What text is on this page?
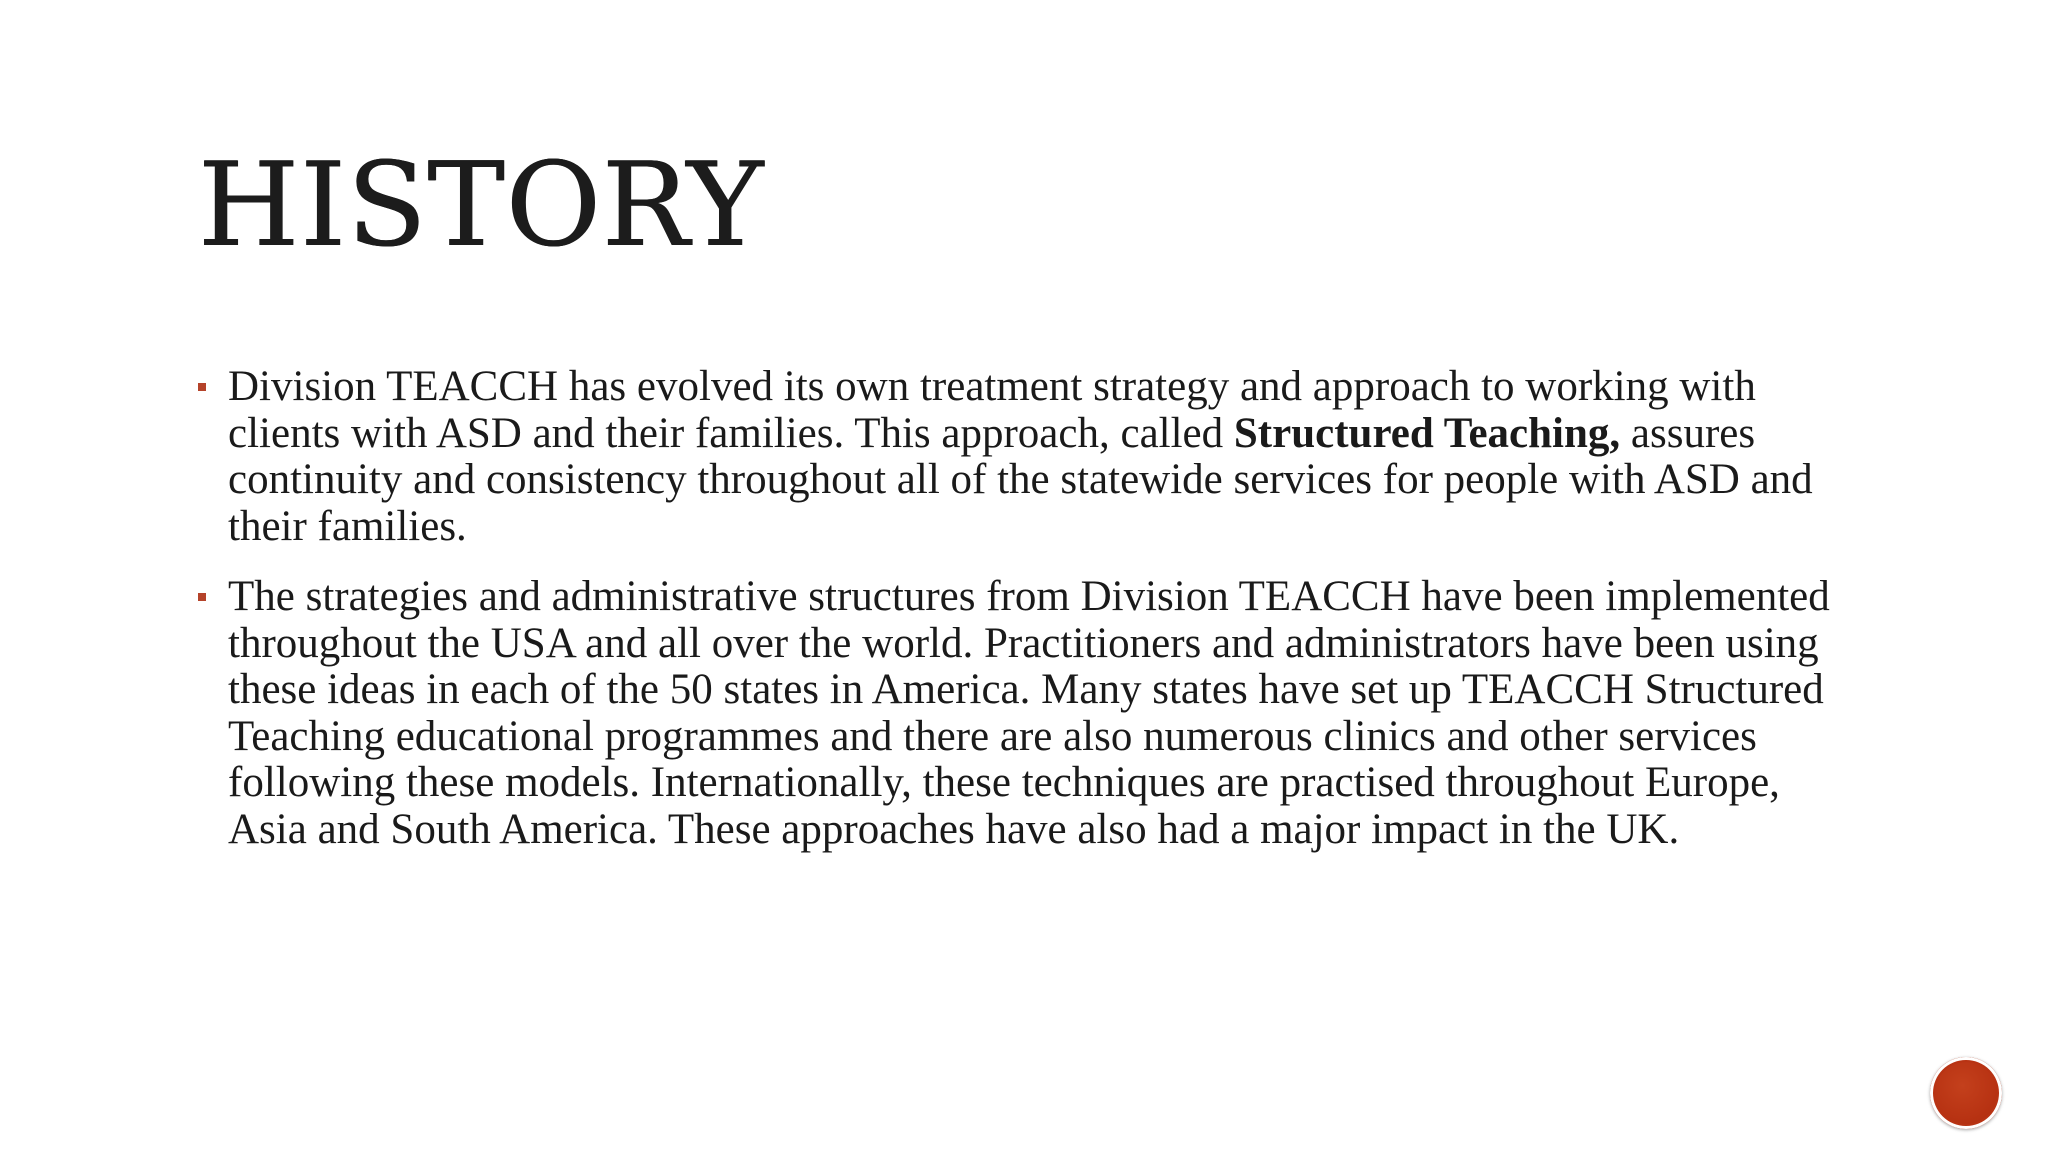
HISTORY
Division TEACCH has evolved its own treatment strategy and approach to working with clients with ASD and their families. This approach, called Structured Teaching, assures continuity and consistency throughout all of the statewide services for people with ASD and their families.
The strategies and administrative structures from Division TEACCH have been implemented throughout the USA and all over the world. Practitioners and administrators have been using these ideas in each of the 50 states in America. Many states have set up TEACCH Structured Teaching educational programmes and there are also numerous clinics and other services following these models. Internationally, these techniques are practised throughout Europe, Asia and South America. These approaches have also had a major impact in the UK.
